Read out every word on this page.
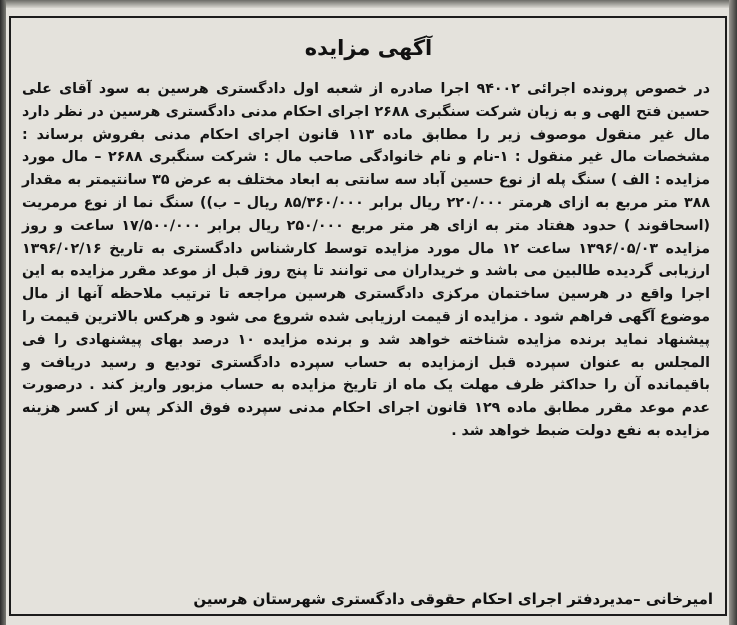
آگهی مزایده
در خصوص پرونده اجرائی ۹۴۰۰۲ اجرا صادره از شعبه اول دادگستری هرسین به سود آقای علی حسین فتح الهی و به زیان شرکت سنگبری ۲۶۸۸ اجرای احکام مدنی دادگستری هرسین در نظر دارد مال غیر منقول موصوف زیر را مطابق ماده ۱۱۳ قانون اجرای احکام مدنی بفروش برساند : مشخصات مال غیر منقول : ۱-نام و نام خانوادگی صاحب مال : شرکت سنگبری ۲۶۸۸ – مال مورد مزایده : الف ) سنگ پله از نوع حسین آباد سه سانتی به ابعاد مختلف به عرض ۳۵ سانتیمتر به مقدار ۳۸۸ متر مربع به ازای هرمتر ۲۲۰/۰۰۰ ریال برابر ۸۵/۳۶۰/۰۰۰ ریال – ب)) سنگ نما از نوع مرمریت (اسحاقوند ) حدود هفتاد متر به ازای هر متر مربع ۲۵۰/۰۰۰ ریال برابر ۱۷/۵۰۰/۰۰۰ ساعت و روز مزایده ۱۳۹۶/۰۵/۰۳ ساعت ۱۲ مال مورد مزایده توسط کارشناس دادگستری به تاریخ ۱۳۹۶/۰۲/۱۶ ارزیابی گردیده طالبین می باشد و خریداران می توانند تا پنج روز قبل از موعد مقرر مزایده به این اجرا واقع در هرسین ساختمان مرکزی دادگستری هرسین مراجعه تا ترتیب ملاحظه آنها از مال موضوع آگهی فراهم شود . مزایده از قیمت ارزیابی شده شروع می شود و هرکس بالاترین قیمت را پیشنهاد نماید برنده مزایده شناخته خواهد شد و برنده مزایده ۱۰ درصد بهای پیشنهادی را فی المجلس به عنوان سپرده قبل ازمزایده به حساب سپرده دادگستری تودیع و رسید دریافت و باقیمانده آن را حداکثر ظرف مهلت یک ماه از تاریخ مزایده به حساب مزبور واریز کند . درصورت عدم موعد مقرر مطابق ماده ۱۲۹ قانون اجرای احکام مدنی سپرده فوق الذکر پس از کسر هزینه مزایده به نفع دولت ضبط خواهد شد .
امیرخانی –مدیردفتر اجرای احکام حقوقی دادگستری شهرستان هرسین
